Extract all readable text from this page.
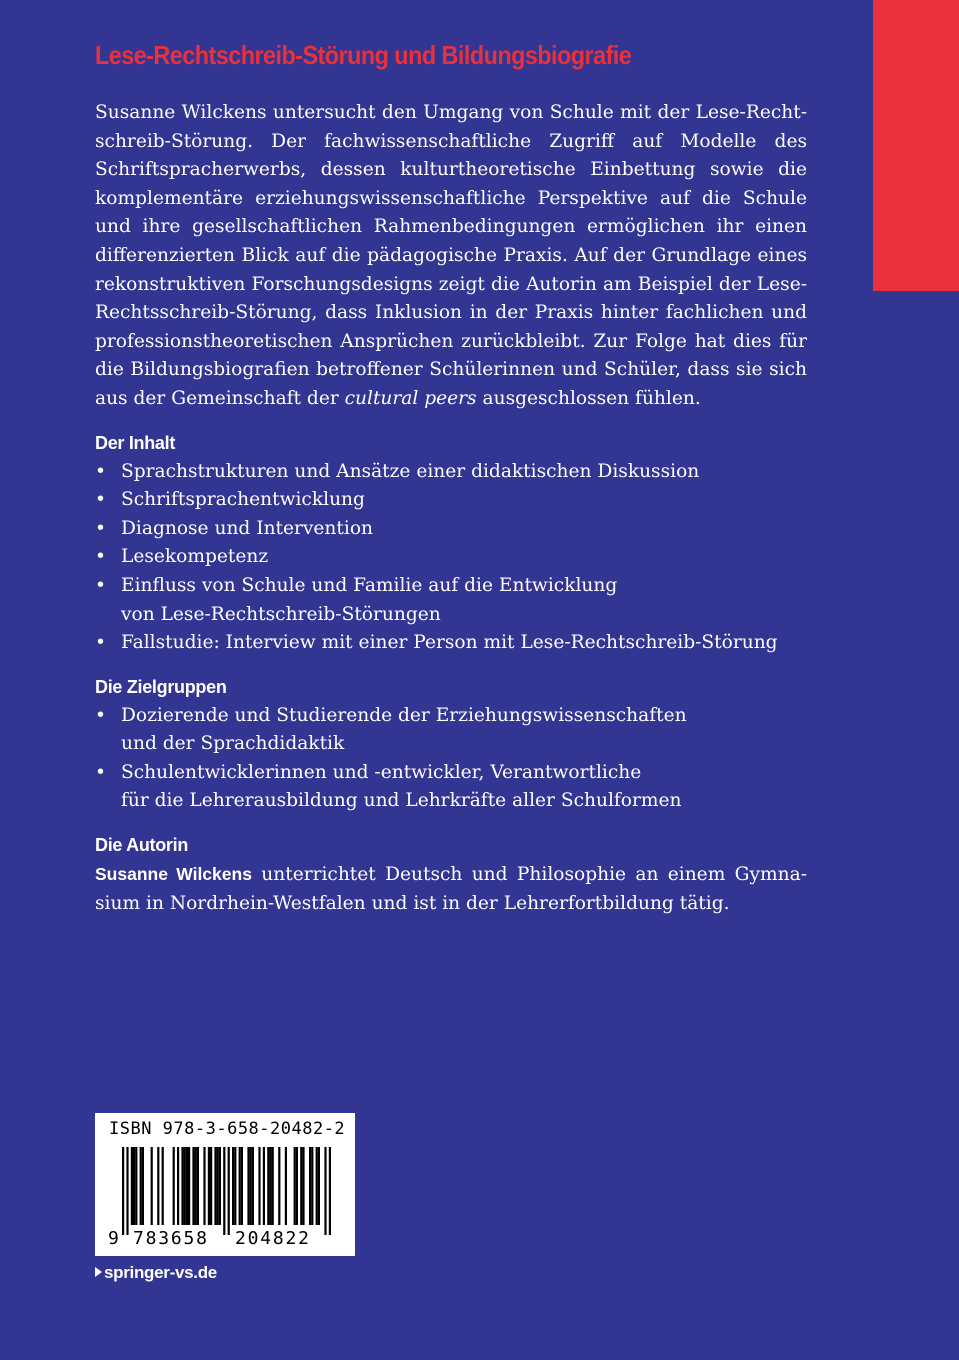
Lese-Rechtschreib-Störung und Bildungsbiografie

Susanne Wilckens untersucht den Umgang von Schule mit der Lese-Rechtschreib-Störung. Der fachwissenschaftliche Zugriff auf Modelle des Schriftspracherwerbs, dessen kulturtheoretische Einbettung sowie die komplementäre erziehungswissenschaftliche Perspektive auf die Schule und ihre gesellschaftlichen Rahmenbedingungen ermöglichen ihr einen differenzierten Blick auf die pädagogische Praxis. Auf der Grundlage eines rekonstruktiven Forschungsdesigns zeigt die Autorin am Beispiel der Lese-Rechtsschreib-Störung, dass Inklusion in der Praxis hinter fachlichen und professionstheoretischen Ansprüchen zurückbleibt. Zur Folge hat dies für die Bildungsbiografien betroffener Schülerinnen und Schüler, dass sie sich aus der Gemeinschaft der cultural peers ausgeschlossen fühlen.

Der Inhalt
• Sprachstrukturen und Ansätze einer didaktischen Diskussion
• Schriftsprachentwicklung
• Diagnose und Intervention
• Lesekompetenz
• Einfluss von Schule und Familie auf die Entwicklung
von Lese-Rechtschreib-Störungen
• Fallstudie: Interview mit einer Person mit Lese-Rechtschreib-Störung
Die Zielgruppen
• Dozierende und Studierende der Erziehungswissenschaften
und der Sprachdidaktik
• Schulentwicklerinnen und -entwickler, Verantwortliche
für die Lehrerausbildung und Lehrkräfte aller Schulformen
Die Autorin

Susanne Wilckens unterrichtet Deutsch und Philosophie an einem Gymnasium in Nordrhein-Westfalen und ist in der Lehrerfortbildung tätig.

ISBN 978-3-658-20482-2
9 783658 204822
springer-vs.de
